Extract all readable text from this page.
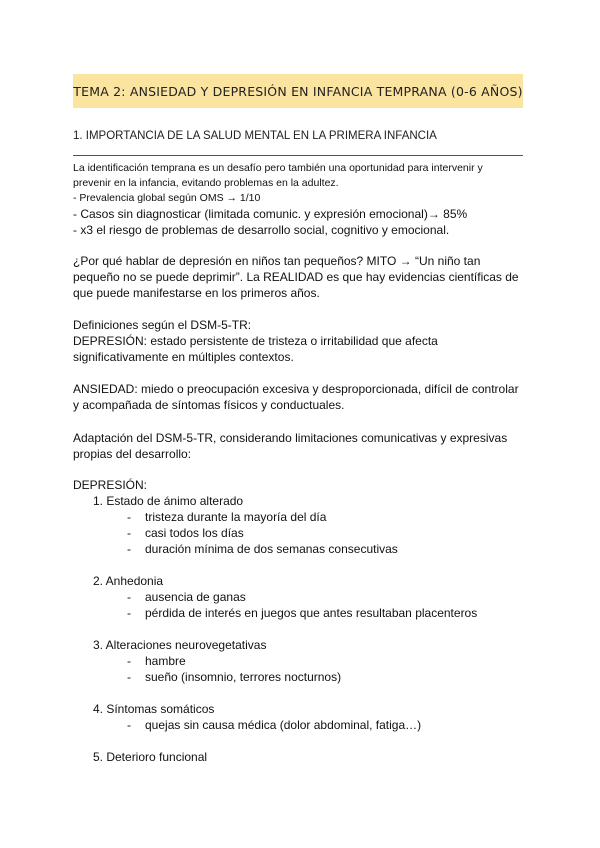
TEMA 2: ANSIEDAD Y DEPRESIÓN EN INFANCIA TEMPRANA (0-6 AÑOS)
1. IMPORTANCIA DE LA SALUD MENTAL EN LA PRIMERA INFANCIA
La identificación temprana es un desafío pero también una oportunidad para intervenir y
prevenir en la infancia, evitando problemas en la adultez.
- Prevalencia global según OMS → 1/10
- Casos sin diagnosticar (limitada comunic. y expresión emocional)→ 85%
- x3 el riesgo de problemas de desarrollo social, cognitivo y emocional.
¿Por qué hablar de depresión en niños tan pequeños? MITO → “Un niño tan
pequeño no se puede deprimir”. La REALIDAD es que hay evidencias científicas de
que puede manifestarse en los primeros años.
Definiciones según el DSM-5-TR:
DEPRESIÓN: estado persistente de tristeza o irritabilidad que afecta
significativamente en múltiples contextos.
ANSIEDAD: miedo o preocupación excesiva y desproporcionada, difícil de controlar
y acompañada de síntomas físicos y conductuales.
Adaptación del DSM-5-TR, considerando limitaciones comunicativas y expresivas
propias del desarrollo:
DEPRESIÓN:
1. Estado de ánimo alterado
- tristeza durante la mayoría del día
- casi todos los días
- duración mínima de dos semanas consecutivas
2. Anhedonia
- ausencia de ganas
- pérdida de interés en juegos que antes resultaban placenteros
3. Alteraciones neurovegetativas
- hambre
- sueño (insomnio, terrores nocturnos)
4. Síntomas somáticos
- quejas sin causa médica (dolor abdominal, fatiga…)
5. Deterioro funcional
